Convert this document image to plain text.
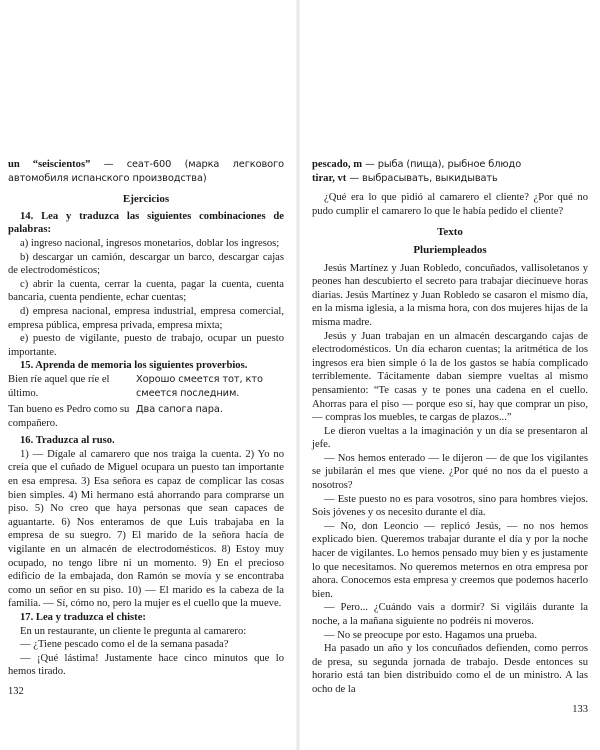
un “seiscientos” — сеат-600 (марка легкового автомобиля испанского производства)

Ejercicios

14. Lea y traduzca las siguientes combinaciones de palabras:

a) ingreso nacional, ingresos monetarios, doblar los ingresos;

b) descargar un camión, descargar un barco, descargar cajas de electrodomésticos;

c) abrir la cuenta, cerrar la cuenta, pagar la cuenta, cuenta bancaria, cuenta pendiente, echar cuentas;

d) empresa nacional, empresa industrial, empresa comercial, empresa pública, empresa privada, empresa mixta;

e) puesto de vigilante, puesto de trabajo, ocupar un puesto importante.

15. Aprenda de memoria los siguientes proverbios.

Bien ríe aquel que ríe el último.
Хорошо смеется тот, кто смеется последним.
Tan bueno es Pedro como su compañero.
Два сапога пара.

16. Traduzca al ruso.

1) — Dígale al camarero que nos traiga la cuenta. 2) Yo no creía que el cuñado de Miguel ocupara un puesto tan importante en esa empresa. 3) Esa señora es capaz de complicar las cosas bien simples. 4) Mi hermano está ahorrando para comprarse un piso. 5) No creo que haya personas que sean capaces de aguantarte. 6) Nos enteramos de que Luis trabajaba en la empresa de su suegro. 7) El marido de la señora hacía de vigilante en un almacén de electrodomésticos. 8) Estoy muy ocupado, no tengo libre ni un momento. 9) En el precioso edificio de la embajada, don Ramón se movía y se encontraba como un señor en su piso. 10) — El marido es la cabeza de la familia. — Sí, cómo no, pero la mujer es el cuello que la mueve.

17. Lea y traduzca el chiste:

En un restaurante, un cliente le pregunta al camarero:

— ¿Tiene pescado como el de la semana pasada?

— ¡Qué lástima! Justamente hace cinco minutos que lo hemos tirado.

132

pescado, m — рыба (пища), рыбное блюдо

tirar, vt — выбрасывать, выкидывать

¿Qué era lo que pidió al camarero el cliente? ¿Por qué no pudo cumplir el camarero lo que le había pedido el cliente?

Texto

Pluriempleados

Jesús Martínez y Juan Robledo, concuñados, vallisoletanos y peones han descubierto el secreto para trabajar diecinueve horas diarias. Jesús Martínez y Juan Robledo se casaron el mismo día, en la misma iglesia, a la misma hora, con dos mujeres hijas de la misma madre.

Jesús y Juan trabajan en un almacén descargando cajas de electrodomésticos. Un día echaron cuentas; la aritmética de los ingresos era bien simple ó la de los gastos se había complicado terriblemente. Tácitamente daban siempre vueltas al mismo pensamiento: “Te casas y te pones una cadena en el cuello. Ahorras para el piso — porque eso sí, hay que comprar un piso, — compras los muebles, te cargas de plazos...”

Le dieron vueltas a la imaginación y un día se presentaron al jefe.

— Nos hemos enterado — le dijeron — de que los vigilantes se jubilarán el mes que viene. ¿Por qué no nos da el puesto a nosotros?

— Este puesto no es para vosotros, sino para hombres viejos. Sois jóvenes y os necesito durante el día.

— No, don Leoncio — replicó Jesús, — no nos hemos explicado bien. Queremos trabajar durante el día y por la noche hacer de vigilantes. Lo hemos pensado muy bien y es justamente lo que necesitamos. No queremos meternos en otra empresa por ahora. Conocemos esta empresa y creemos que podemos hacerlo bien.

— Pero... ¿Cuándo vais a dormir? Si vigiláis durante la noche, a la mañana siguiente no podréis ni moveros.

— No se preocupe por esto. Hagamos una prueba.

Ha pasado un año y los concuñados defienden, como perros de presa, su segunda jornada de trabajo. Desde entonces su horario está tan bien distribuido como el de un ministro. A las ocho de la

133
